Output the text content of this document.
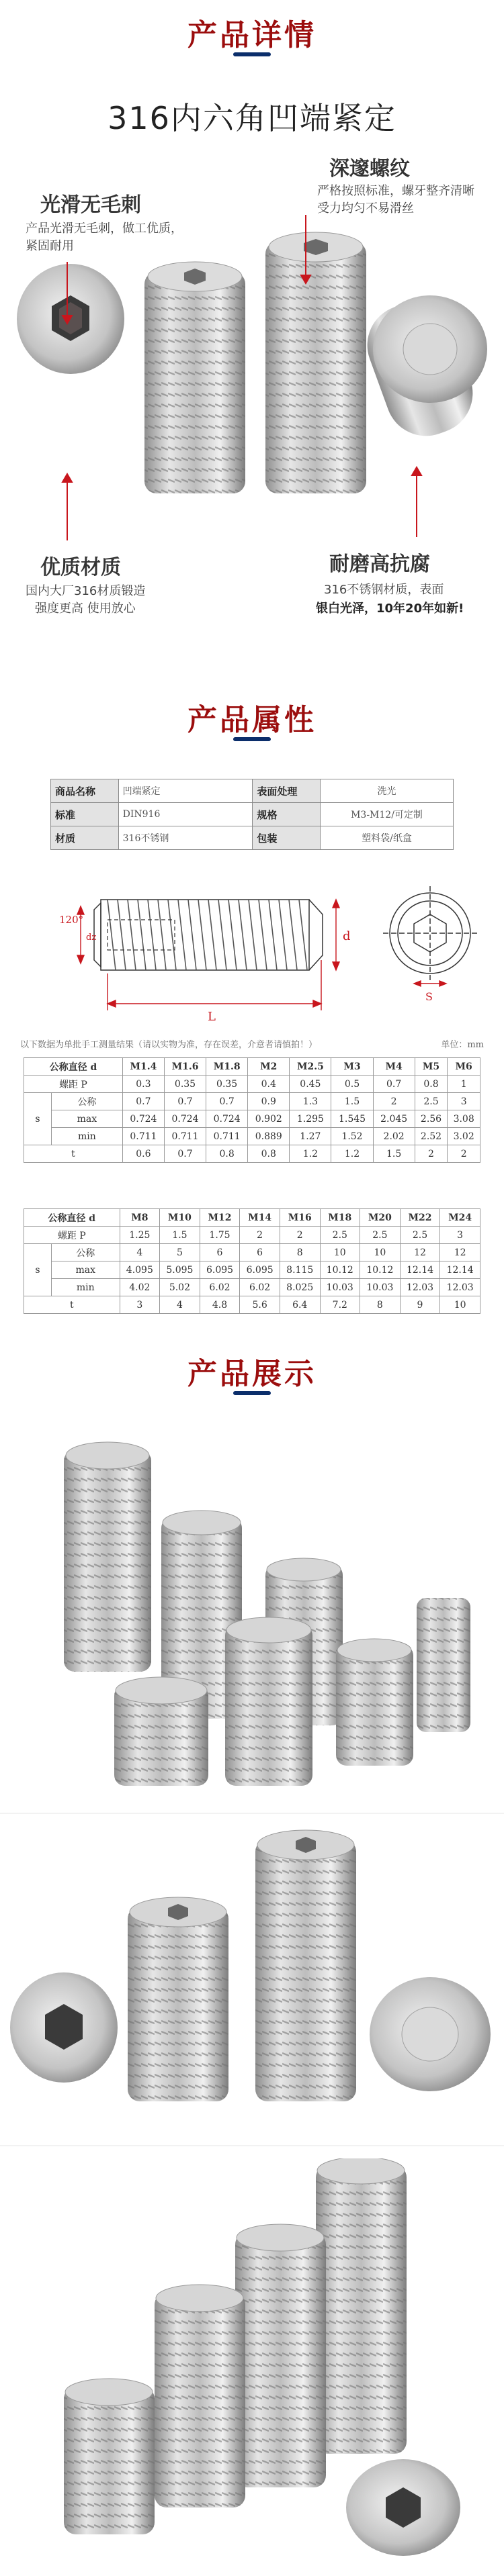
产品详情
316内六角凹端紧定
光滑无毛刺
产品光滑无毛刺，做工优质，
紧固耐用
深邃螺纹
严格按照标准，螺牙整齐清晰
受力均匀不易滑丝
优质材质
国内大厂316材质锻造
强度更高 使用放心
耐磨高抗腐
316不锈钢材质，表面
银白光泽，10年20年如新!
产品属性
商品名称	凹端紧定	表面处理	洗光
标准	DIN916	规格	M3-M12/可定制
材质	316不锈钢	包装	塑料袋/纸盒
L
d
dz
120°
S
以下数据为单批手工测量结果（请以实物为准，存在误差，介意者请慎拍！）	单位：mm
公称直径 d		M1.4	M1.6	M1.8	M2	M2.5	M3	M4	M5	M6
螺距 P		0.3	0.35	0.35	0.4	0.45	0.5	0.7	0.8	1
s	公称	0.7	0.7	0.7	0.9	1.3	1.5	2	2.5	3
	max	0.724	0.724	0.724	0.902	1.295	1.545	2.045	2.56	3.08
	min	0.711	0.711	0.711	0.889	1.27	1.52	2.02	2.52	3.02
t		0.6	0.7	0.8	0.8	1.2	1.2	1.5	2	2
公称直径 d		M8	M10	M12	M14	M16	M18	M20	M22	M24
螺距 P		1.25	1.5	1.75	2	2	2.5	2.5	2.5	3
s	公称	4	5	6	6	8	10	10	12	12
	max	4.095	5.095	6.095	6.095	8.115	10.12	10.12	12.14	12.14
	min	4.02	5.02	6.02	6.02	8.025	10.03	10.03	12.03	12.03
t		3	4	4.8	5.6	6.4	7.2	8	9	10
产品展示
